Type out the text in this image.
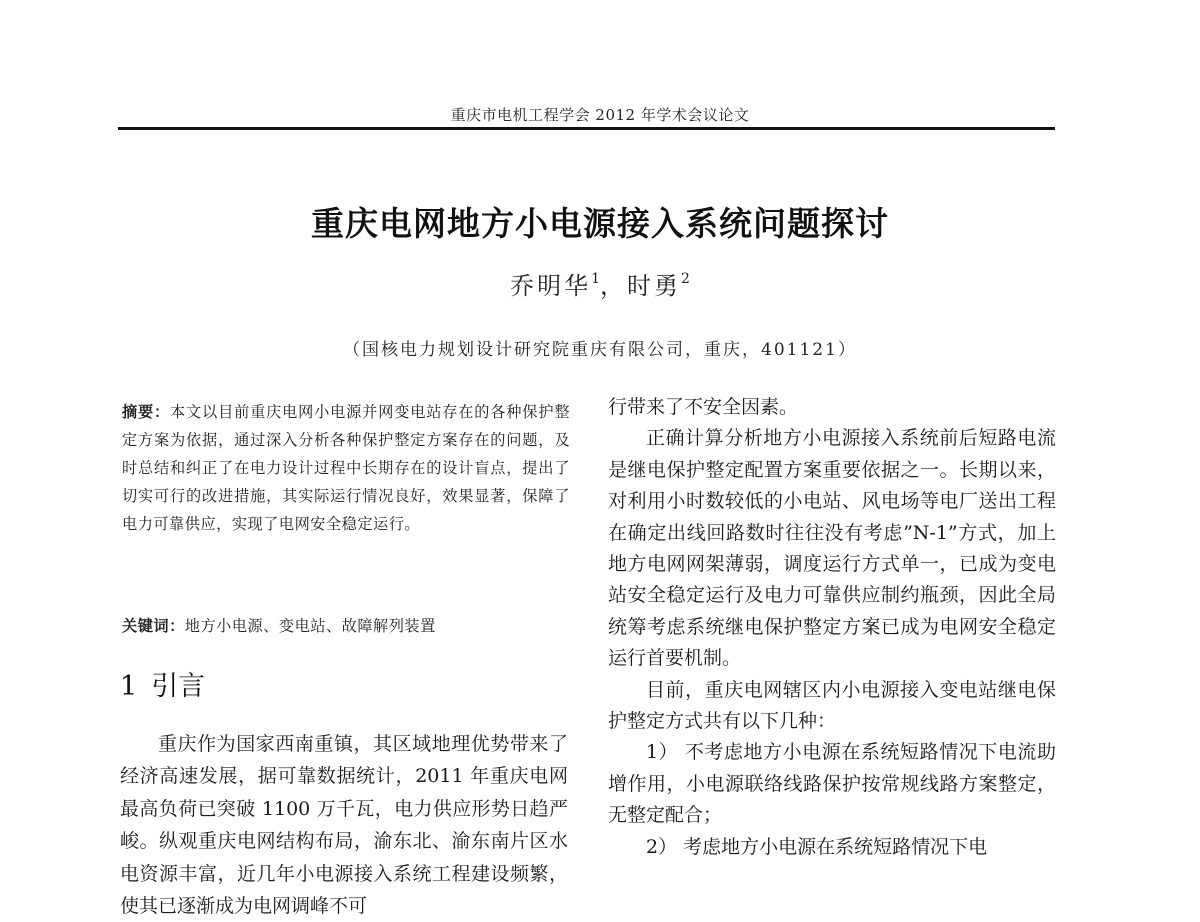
重庆市电机工程学会 2012 年学术会议论文
重庆电网地方小电源接入系统问题探讨
乔明华$^1$，时勇$^2$
（国核电力规划设计研究院重庆有限公司，重庆，401121）
摘要：本文以目前重庆电网小电源并网变电站存在的各种保护整定方案为依据，通过深入分析各种保护整定方案存在的问题，及时总结和纠正了在电力设计过程中长期存在的设计盲点，提出了切实可行的改进措施，其实际运行情况良好，效果显著，保障了电力可靠供应，实现了电网安全稳定运行。
关键词：地方小电源、变电站、故障解列装置
1 引言

重庆作为国家西南重镇，其区域地理优势带来了经济高速发展，据可靠数据统计，2011 年重庆电网最高负荷已突破 1100 万千瓦，电力供应形势日趋严峻。纵观重庆电网结构布局，渝东北、渝东南片区水电资源丰富，近几年小电源接入系统工程建设频繁，使其已逐渐成为电网调峰不可

行带来了不安全因素。

正确计算分析地方小电源接入系统前后短路电流是继电保护整定配置方案重要依据之一。长期以来，对利用小时数较低的小电站、风电场等电厂送出工程在确定出线回路数时往往没有考虑”N-1”方式，加上地方电网网架薄弱，调度运行方式单一，已成为变电站安全稳定运行及电力可靠供应制约瓶颈，因此全局统筹考虑系统继电保护整定方案已成为电网安全稳定运行首要机制。

目前，重庆电网辖区内小电源接入变电站继电保护整定方式共有以下几种：

1） 不考虑地方小电源在系统短路情况下电流助增作用，小电源联络线路保护按常规线路方案整定，无整定配合；

2） 考虑地方小电源在系统短路情况下电
